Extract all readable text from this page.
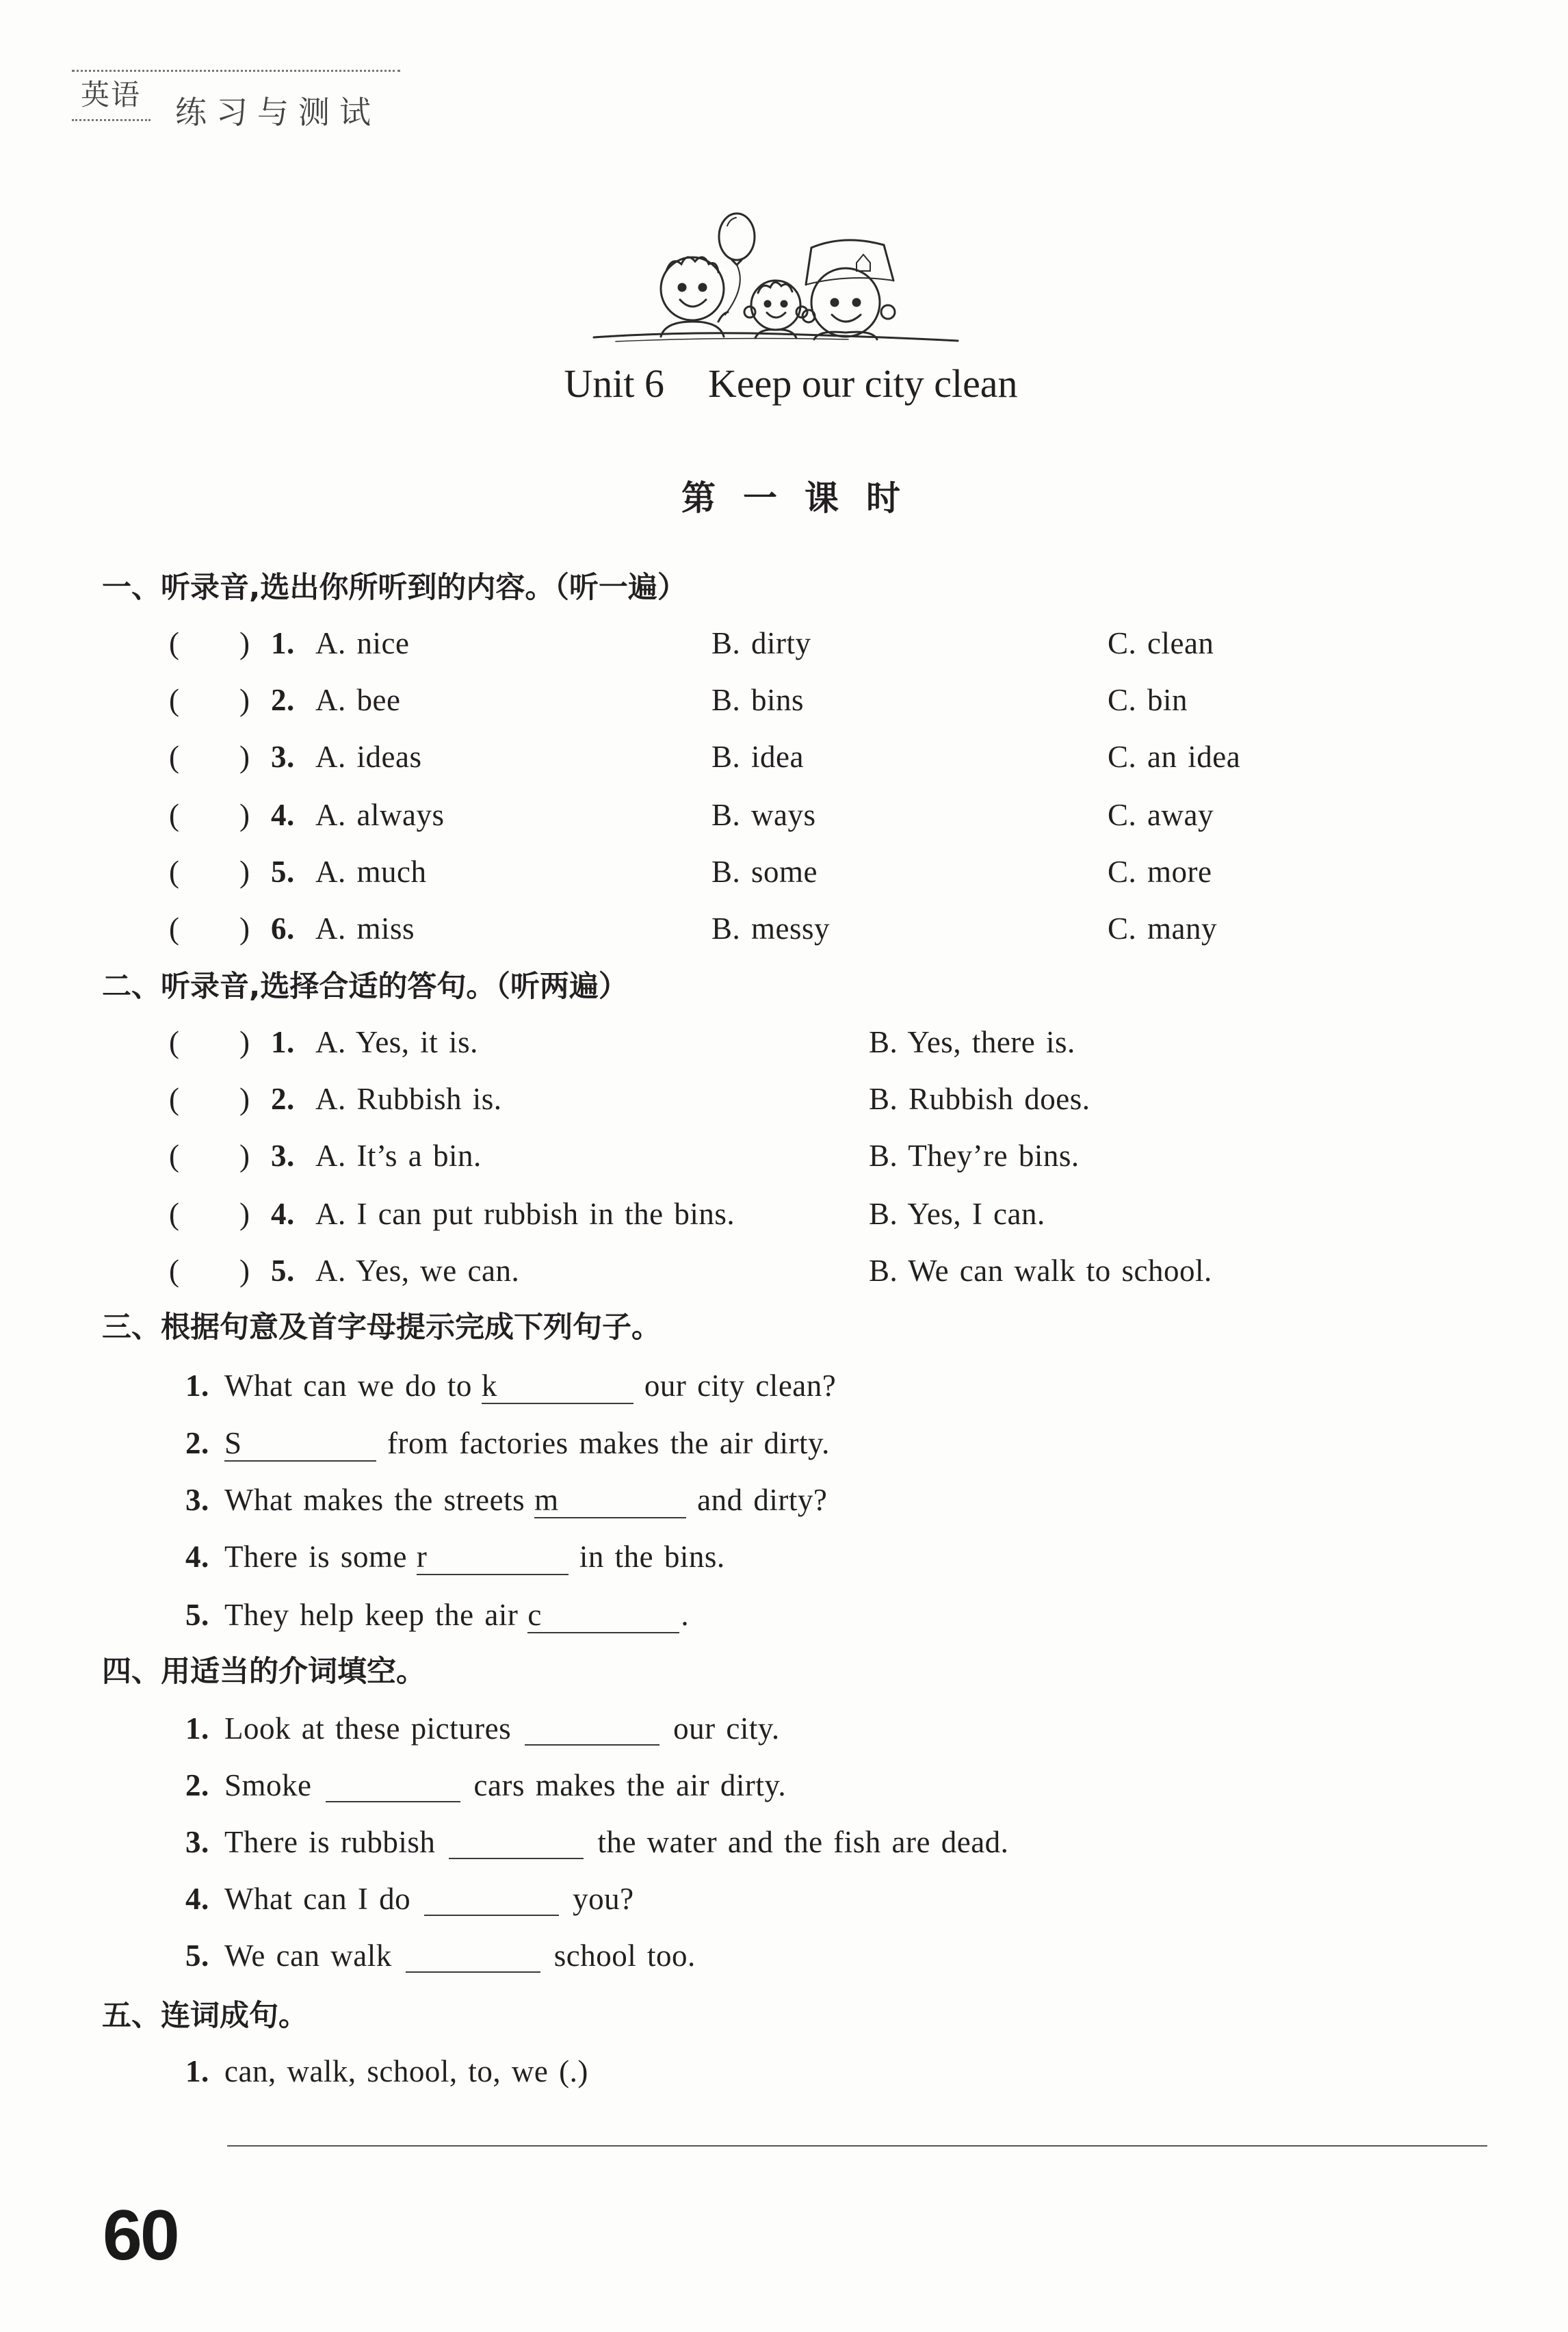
英语 练习与测试
Unit 6 Keep our city clean
第一课时
一、听录音,选出你所听到的内容。（听一遍）
( ) 1. A. nice	B. dirty	C. clean
( ) 2. A. bee	B. bins	C. bin
( ) 3. A. ideas	B. idea	C. an idea
( ) 4. A. always	B. ways	C. away
( ) 5. A. much	B. some	C. more
( ) 6. A. miss	B. messy	C. many
二、听录音,选择合适的答句。（听两遍）
( ) 1. A. Yes, it is.	B. Yes, there is.
( ) 2. A. Rubbish is.	B. Rubbish does.
( ) 3. A. It’s a bin.	B. They’re bins.
( ) 4. A. I can put rubbish in the bins.	B. Yes, I can.
( ) 5. A. Yes, we can.	B. We can walk to school.
三、根据句意及首字母提示完成下列句子。
1. What can we do to k	our city clean?
2. S	from factories makes the air dirty.
3. What makes the streets m	and dirty?
4. There is some r	in the bins.
5. They help keep the air c	.
四、用适当的介词填空。
1. Look at these pictures	our city.
2. Smoke	cars makes the air dirty.
3. There is rubbish	the water and the fish are dead.
4. What can I do	you?
5. We can walk	school too.
五、连词成句。
1. can, walk, school, to, we (.)
60
